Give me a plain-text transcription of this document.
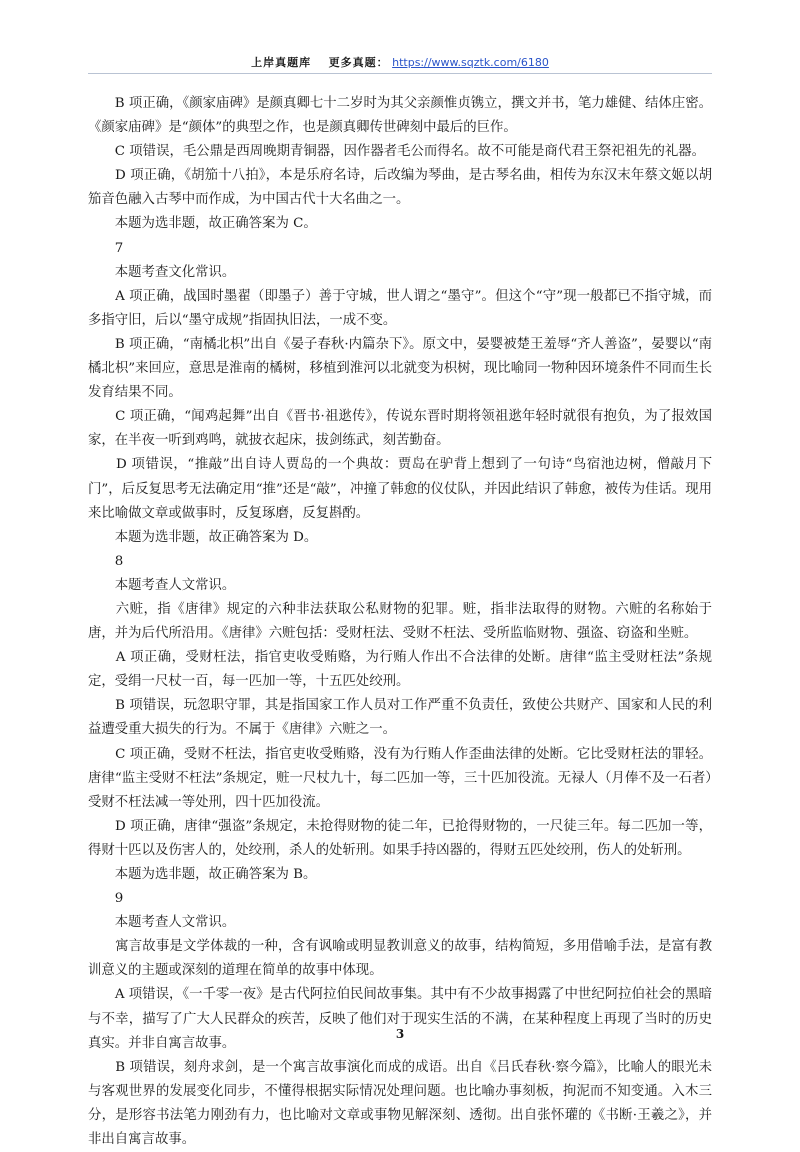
上岸真题库 更多真题： https://www.sqztk.com/6180

　　B 项正确，《颜家庙碑》是颜真卿七十二岁时为其父亲颜惟贞镌立，撰文并书，笔力雄健、结体庄密。《颜家庙碑》是“颜体”的典型之作，也是颜真卿传世碑刻中最后的巨作。

　　C 项错误，毛公鼎是西周晚期青铜器，因作器者毛公而得名。故不可能是商代君王祭祀祖先的礼器。

　　D 项正确，《胡笳十八拍》，本是乐府名诗，后改编为琴曲，是古琴名曲，相传为东汉末年蔡文姬以胡笳音色融入古琴中而作成，为中国古代十大名曲之一。

　　本题为选非题，故正确答案为 C。

　　7

　　本题考查文化常识。

　　A 项正确，战国时墨翟（即墨子）善于守城，世人谓之“墨守”。但这个“守”现一般都已不指守城，而多指守旧，后以“墨守成规”指固执旧法，一成不变。

　　B 项正确，“南橘北枳”出自《晏子春秋·内篇杂下》。原文中，晏婴被楚王羞辱“齐人善盗”，晏婴以“南橘北枳”来回应，意思是淮南的橘树，移植到淮河以北就变为枳树，现比喻同一物种因环境条件不同而生长发育结果不同。

　　C 项正确，“闻鸡起舞”出自《晋书·祖逖传》，传说东晋时期将领祖逖年轻时就很有抱负，为了报效国家，在半夜一听到鸡鸣，就披衣起床，拔剑练武，刻苦勤奋。

　　D 项错误，“推敲”出自诗人贾岛的一个典故：贾岛在驴背上想到了一句诗“鸟宿池边树，僧敲月下门”，后反复思考无法确定用“推”还是“敲”，冲撞了韩愈的仪仗队，并因此结识了韩愈，被传为佳话。现用来比喻做文章或做事时，反复琢磨，反复斟酌。

　　本题为选非题，故正确答案为 D。

　　8

　　本题考查人文常识。

　　六赃，指《唐律》规定的六种非法获取公私财物的犯罪。赃，指非法取得的财物。六赃的名称始于唐，并为后代所沿用。《唐律》六赃包括：受财枉法、受财不枉法、受所监临财物、强盗、窃盗和坐赃。

　　A 项正确，受财枉法，指官吏收受贿赂，为行贿人作出不合法律的处断。唐律“监主受财枉法”条规定，受绢一尺杖一百，每一匹加一等，十五匹处绞刑。

　　B 项错误，玩忽职守罪，其是指国家工作人员对工作严重不负责任，致使公共财产、国家和人民的利益遭受重大损失的行为。不属于《唐律》六赃之一。

　　C 项正确，受财不枉法，指官吏收受贿赂，没有为行贿人作歪曲法律的处断。它比受财枉法的罪轻。唐律“监主受财不枉法”条规定，赃一尺杖九十，每二匹加一等，三十匹加役流。无禄人（月俸不及一石者）受财不枉法减一等处刑，四十匹加役流。

　　D 项正确，唐律“强盗”条规定，未抢得财物的徒二年，已抢得财物的，一尺徒三年。每二匹加一等，得财十匹以及伤害人的，处绞刑，杀人的处斩刑。如果手持凶器的，得财五匹处绞刑，伤人的处斩刑。

　　本题为选非题，故正确答案为 B。

　　9

　　本题考查人文常识。

　　寓言故事是文学体裁的一种，含有讽喻或明显教训意义的故事，结构简短，多用借喻手法，是富有教训意义的主题或深刻的道理在简单的故事中体现。

　　A 项错误，《一千零一夜》是古代阿拉伯民间故事集。其中有不少故事揭露了中世纪阿拉伯社会的黑暗与不幸，描写了广大人民群众的疾苦，反映了他们对于现实生活的不满，在某种程度上再现了当时的历史真实。并非自寓言故事。

　　B 项错误，刻舟求剑，是一个寓言故事演化而成的成语。出自《吕氏春秋·察今篇》，比喻人的眼光未与客观世界的发展变化同步，不懂得根据实际情况处理问题。也比喻办事刻板，拘泥而不知变通。入木三分，是形容书法笔力刚劲有力，也比喻对文章或事物见解深刻、透彻。出自张怀瓘的《书断·王羲之》，并非出自寓言故事。

3
